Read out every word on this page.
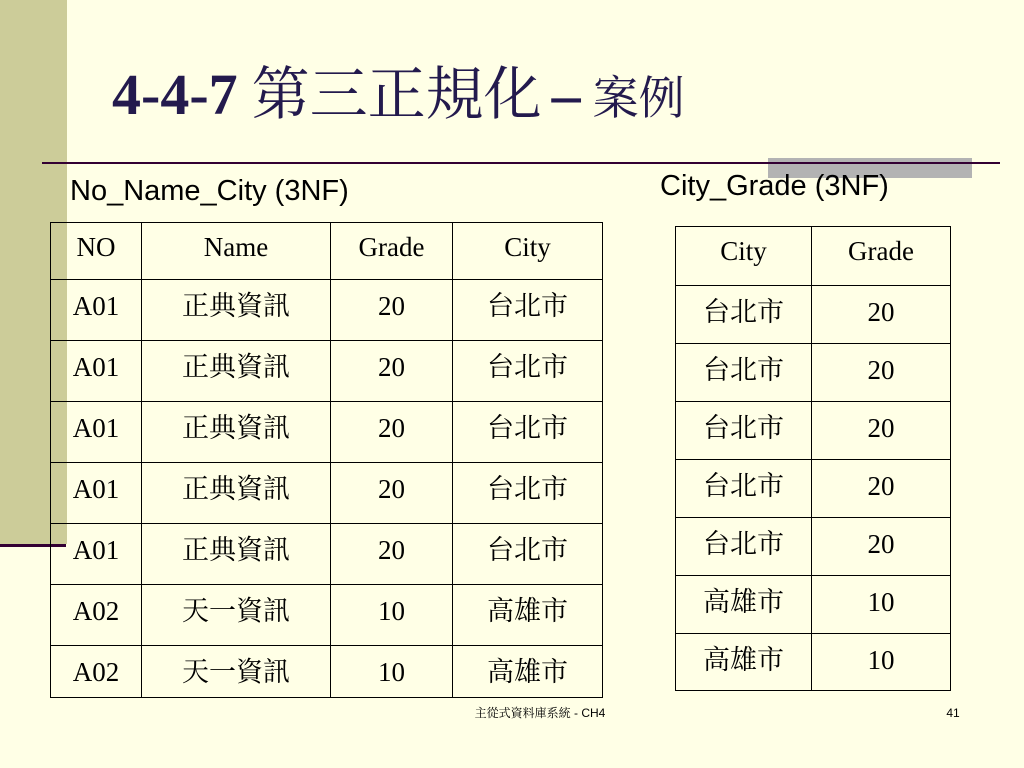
4-4-7 第三正規化 – 案例
No_Name_City (3NF)	City_Grade (3NF)
NO	Name	Grade	City
A01	正典資訊	20	台北市
A01	正典資訊	20	台北市
A01	正典資訊	20	台北市
A01	正典資訊	20	台北市
A01	正典資訊	20	台北市
A02	天一資訊	10	高雄市
A02	天一資訊	10	高雄市
City	Grade
台北市	20
台北市	20
台北市	20
台北市	20
台北市	20
高雄市	10
高雄市	10
主從式資料庫系統 - CH4	41
